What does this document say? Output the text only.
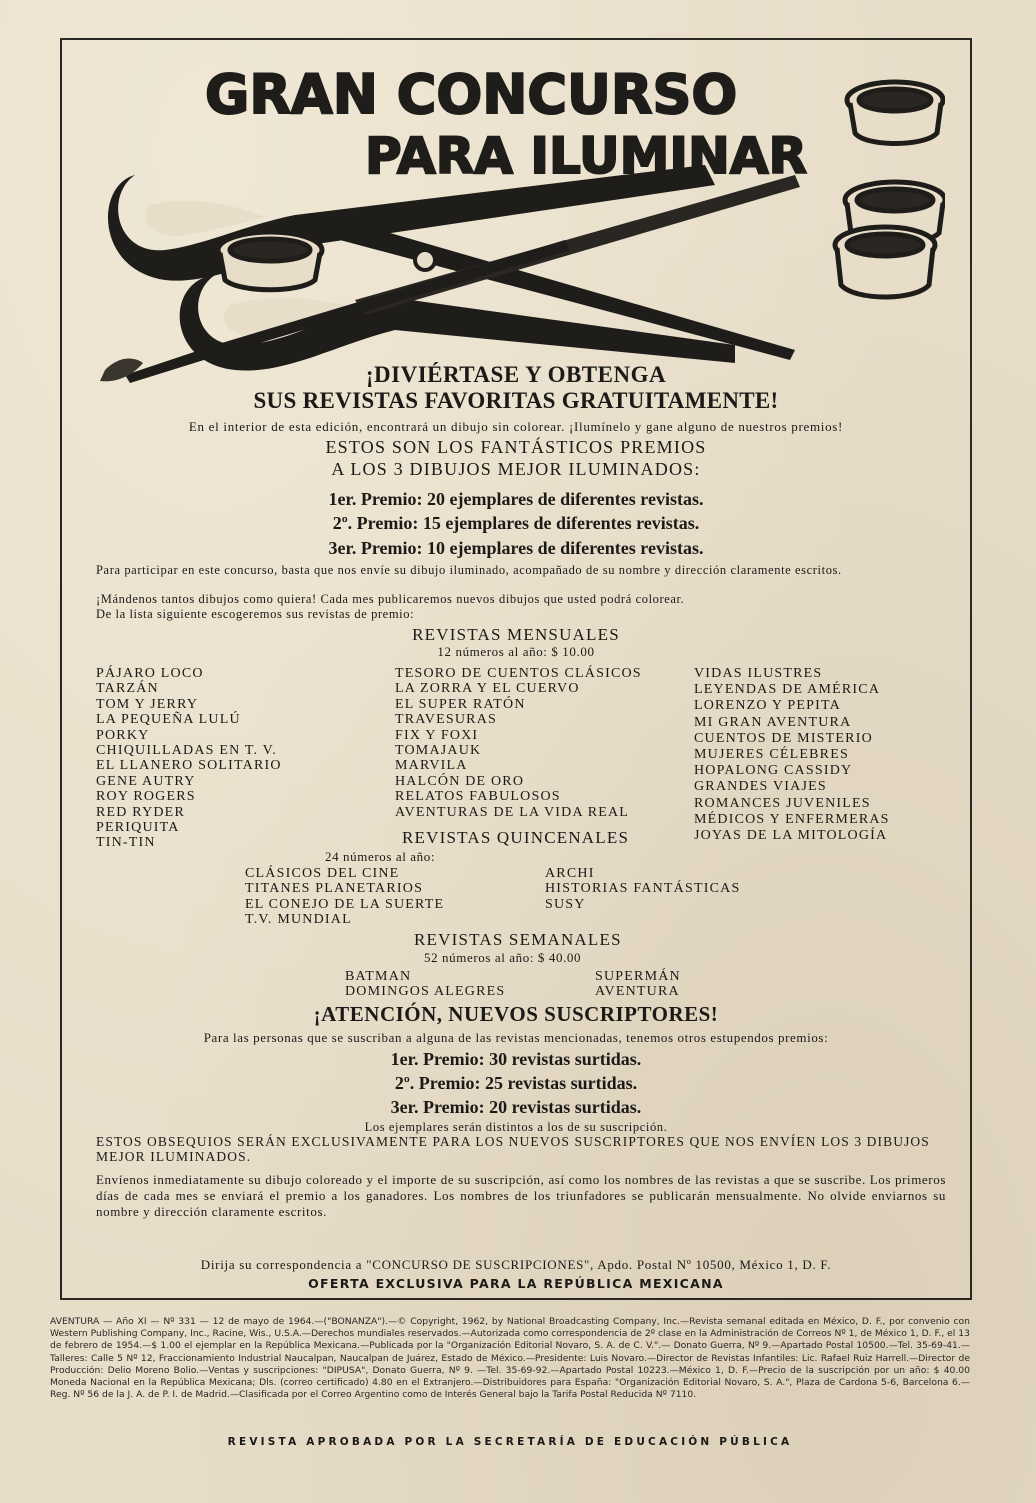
GRAN CONCURSO
PARA ILUMINAR

¡DIVIÉRTASE Y OBTENGA

SUS REVISTAS FAVORITAS GRATUITAMENTE!

En el interior de esta edición, encontrará un dibujo sin colorear. ¡Ilumínelo y gane alguno de nuestros premios!

ESTOS SON LOS FANTÁSTICOS PREMIOS

A LOS 3 DIBUJOS MEJOR ILUMINADOS:

1er. Premio: 20 ejemplares de diferentes revistas.

2º. Premio: 15 ejemplares de diferentes revistas.

3er. Premio: 10 ejemplares de diferentes revistas.

Para participar en este concurso, basta que nos envíe su dibujo iluminado, acompañado de su nombre y dirección claramente escritos.

¡Mándenos tantos dibujos como quiera! Cada mes publicaremos nuevos dibujos que usted podrá colorear.

De la lista siguiente escogeremos sus revistas de premio:

REVISTAS MENSUALES

12 números al año: $ 10.00

PÁJARO LOCO
TARZÁN
TOM Y JERRY
LA PEQUEÑA LULÚ
PORKY
CHIQUILLADAS EN T. V.
EL LLANERO SOLITARIO
GENE AUTRY
ROY ROGERS
RED RYDER
PERIQUITA
TIN-TIN
TESORO DE CUENTOS CLÁSICOS
LA ZORRA Y EL CUERVO
EL SUPER RATÓN
TRAVESURAS
FIX Y FOXI
TOMAJAUK
MARVILA
HALCÓN DE ORO
RELATOS FABULOSOS
AVENTURAS DE LA VIDA REAL
VIDAS ILUSTRES
LEYENDAS DE AMÉRICA
LORENZO Y PEPITA
MI GRAN AVENTURA
CUENTOS DE MISTERIO
MUJERES CÉLEBRES
HOPALONG CASSIDY
GRANDES VIAJES
ROMANCES JUVENILES
MÉDICOS Y ENFERMERAS
JOYAS DE LA MITOLOGÍA

REVISTAS QUINCENALES

24 números al año:

CLÁSICOS DEL CINE
TITANES PLANETARIOS
EL CONEJO DE LA SUERTE
T.V. MUNDIAL
ARCHI
HISTORIAS FANTÁSTICAS
SUSY

REVISTAS SEMANALES

52 números al año: $ 40.00

BATMAN
DOMINGOS ALEGRES
SUPERMÁN
AVENTURA

¡ATENCIÓN, NUEVOS SUSCRIPTORES!

Para las personas que se suscriban a alguna de las revistas mencionadas, tenemos otros estupendos premios:

1er. Premio: 30 revistas surtidas.

2º. Premio: 25 revistas surtidas.

3er. Premio: 20 revistas surtidas.

Los ejemplares serán distintos a los de su suscripción.

ESTOS OBSEQUIOS SERÁN EXCLUSIVAMENTE PARA LOS NUEVOS SUSCRIPTORES QUE NOS ENVÍEN LOS 3 DIBUJOS MEJOR ILUMINADOS.

Envíenos inmediatamente su dibujo coloreado y el importe de su suscripción, así como los nombres de las revistas a que se suscribe. Los primeros días de cada mes se enviará el premio a los ganadores. Los nombres de los triunfadores se publicarán mensualmente. No olvide enviarnos su nombre y dirección claramente escritos.

Dirija su correspondencia a "CONCURSO DE SUSCRIPCIONES", Apdo. Postal Nº 10500, México 1, D. F.

OFERTA EXCLUSIVA PARA LA REPÚBLICA MEXICANA

AVENTURA — Año XI — Nº 331 — 12 de mayo de 1964.—("BONANZA").—© Copyright, 1962, by National Broadcasting Company, Inc.—Revista semanal editada en México, D. F., por convenio con Western Publishing Company, Inc., Racine, Wis., U.S.A.—Derechos mundiales reservados.—Autorizada como correspondencia de 2º clase en la Administración de Correos Nº 1, de México 1, D. F., el 13 de febrero de 1954.—$ 1.00 el ejemplar en la República Mexicana.—Publicada por la "Organización Editorial Novaro, S. A. de C. V.".— Donato Guerra, Nº 9.—Apartado Postal 10500.—Tel. 35-69-41.—Talleres: Calle 5 Nº 12, Fraccionamiento Industrial Naucalpan, Naucalpan de Juárez, Estado de México.—Presidente: Luis Novaro.—Director de Revistas Infantiles: Lic. Rafael Ruiz Harrell.—Director de Producción: Delio Moreno Bolio.—Ventas y suscripciones: "DIPUSA", Donato Guerra, Nº 9. —Tel. 35-69-92.—Apartado Postal 10223.—México 1, D. F.—Precio de la suscripción por un año: $ 40.00 Moneda Nacional en la República Mexicana; Dls. (correo certificado) 4.80 en el Extranjero.—Distribuidores para España: "Organización Editorial Novaro, S. A.", Plaza de Cardona 5-6, Barcelona 6.—Reg. Nº 56 de la J. A. de P. I. de Madrid.—Clasificada por el Correo Argentino como de Interés General bajo la Tarifa Postal Reducida Nº 7110.

REVISTA APROBADA POR LA SECRETARÍA DE EDUCACIÓN PÚBLICA
